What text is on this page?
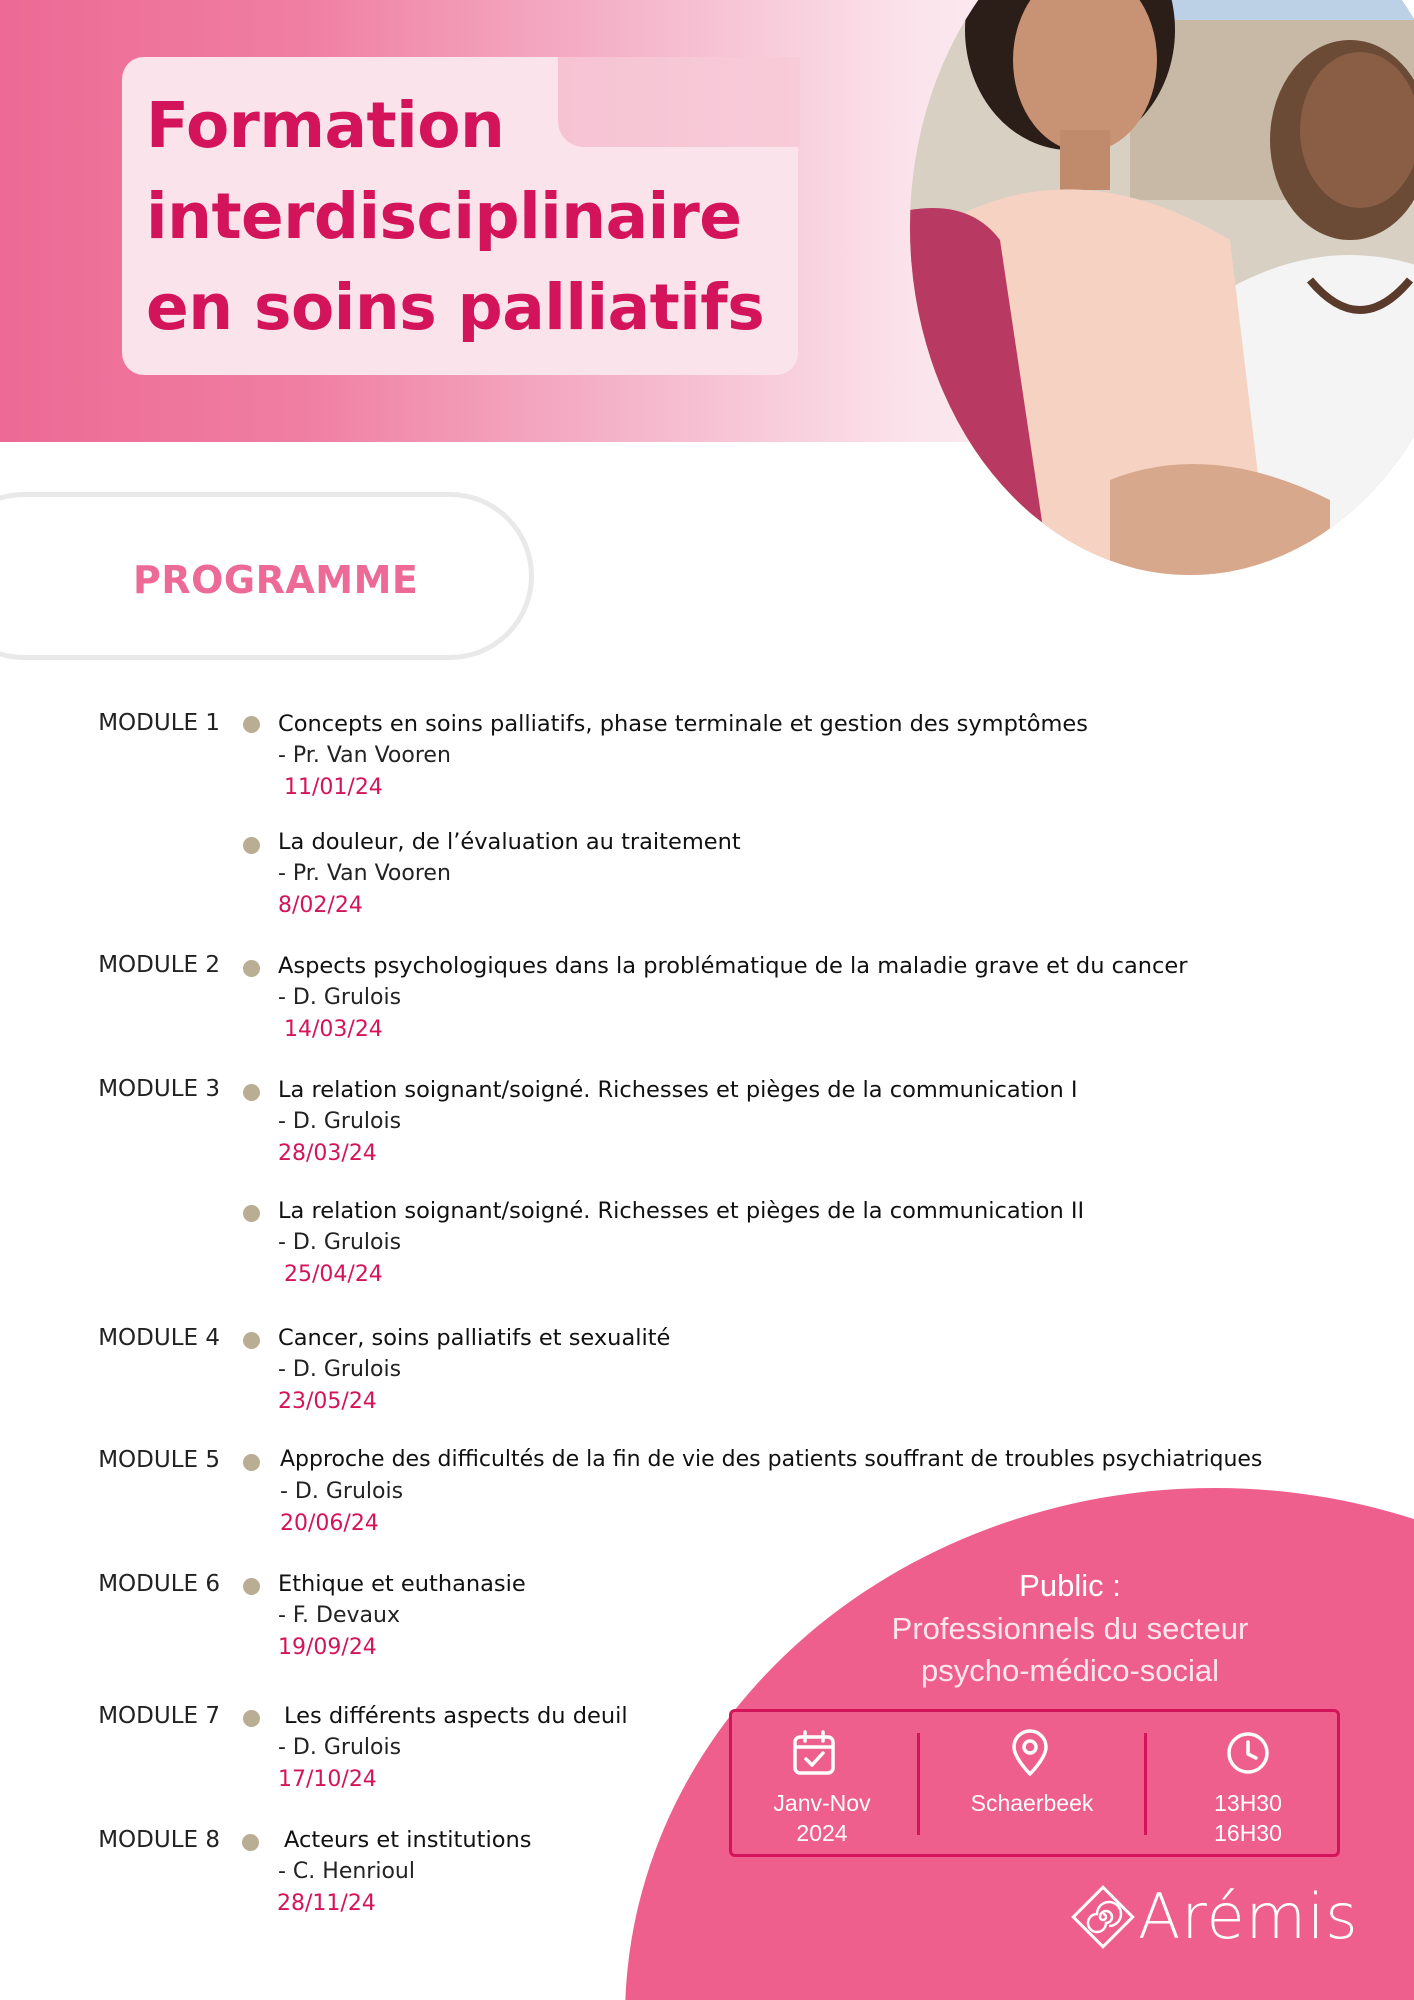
Formation
interdisciplinaire
en soins palliatifs
PROGRAMME
MODULE 1	Concepts en soins palliatifs, phase terminale et gestion des symptômes
- Pr. Van Vooren
11/01/24
La douleur, de l’évaluation au traitement
- Pr. Van Vooren
8/02/24
MODULE 2	Aspects psychologiques dans la problématique de la maladie grave et du cancer
- D. Grulois
14/03/24
MODULE 3	La relation soignant/soigné. Richesses et pièges de la communication I
- D. Grulois
28/03/24
La relation soignant/soigné. Richesses et pièges de la communication II
- D. Grulois
25/04/24
MODULE 4	Cancer, soins palliatifs et sexualité
- D. Grulois
23/05/24
MODULE 5	Approche des difficultés de la fin de vie des patients souffrant de troubles psychiatriques
- D. Grulois
20/06/24
MODULE 6	Ethique et euthanasie
- F. Devaux
19/09/24
MODULE 7	Les différents aspects du deuil
- D. Grulois
17/10/24
MODULE 8	Acteurs et institutions
- C. Henrioul
28/11/24
Public :
Professionnels du secteur
psycho-médico-social
Janv-Nov
2024
Schaerbeek	13H30
16H30
Arémis
